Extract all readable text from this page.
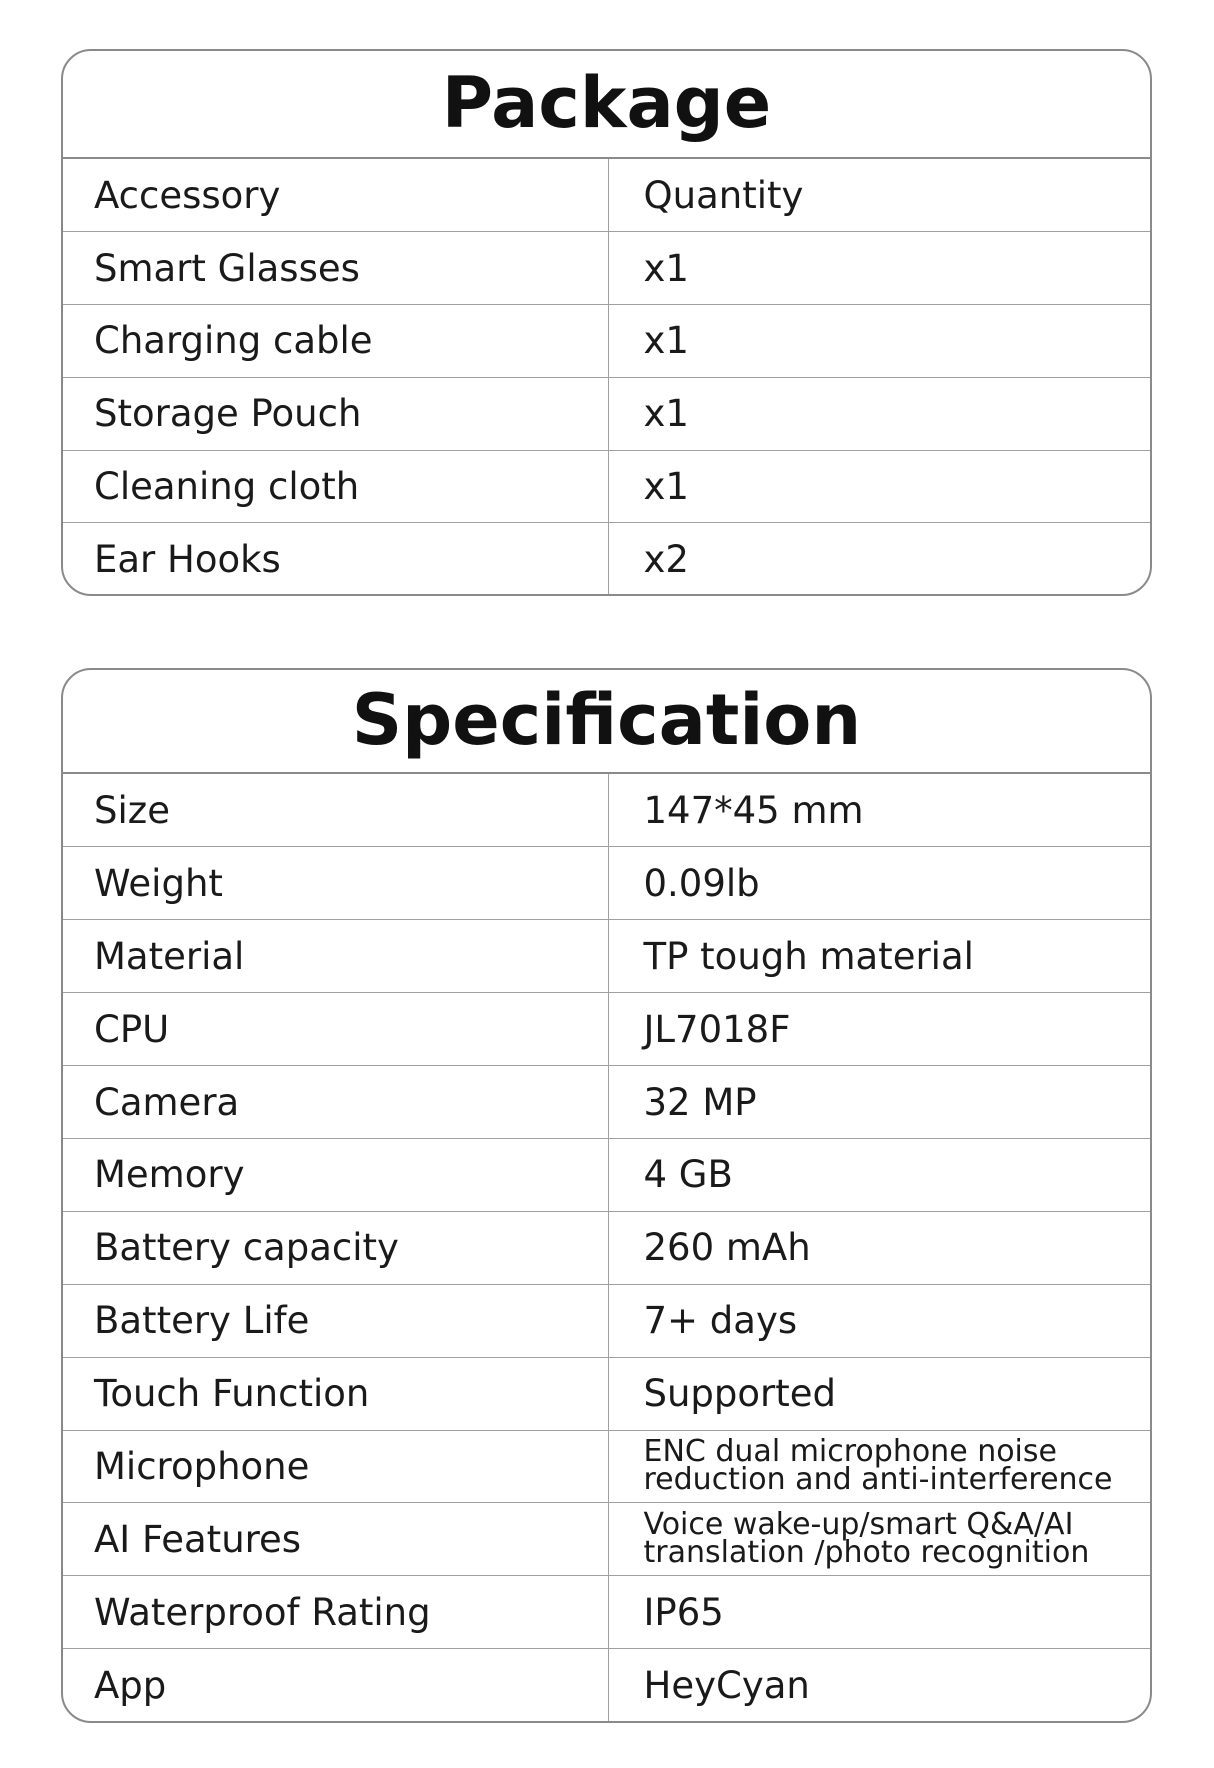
Package
Accessory	Quantity
Smart Glasses	x1
Charging cable	x1
Storage Pouch	x1
Cleaning cloth	x1
Ear Hooks	x2
Specification
Size	147*45 mm
Weight	0.09lb
Material	TP tough material
CPU	JL7018F
Camera	32 MP
Memory	4 GB
Battery capacity	260 mAh
Battery Life	7+ days
Touch Function	Supported
Microphone	ENC dual microphone noise reduction and anti-interference
AI Features	Voice wake-up/smart Q&A/AI translation /photo recognition
Waterproof Rating	IP65
App	HeyCyan
